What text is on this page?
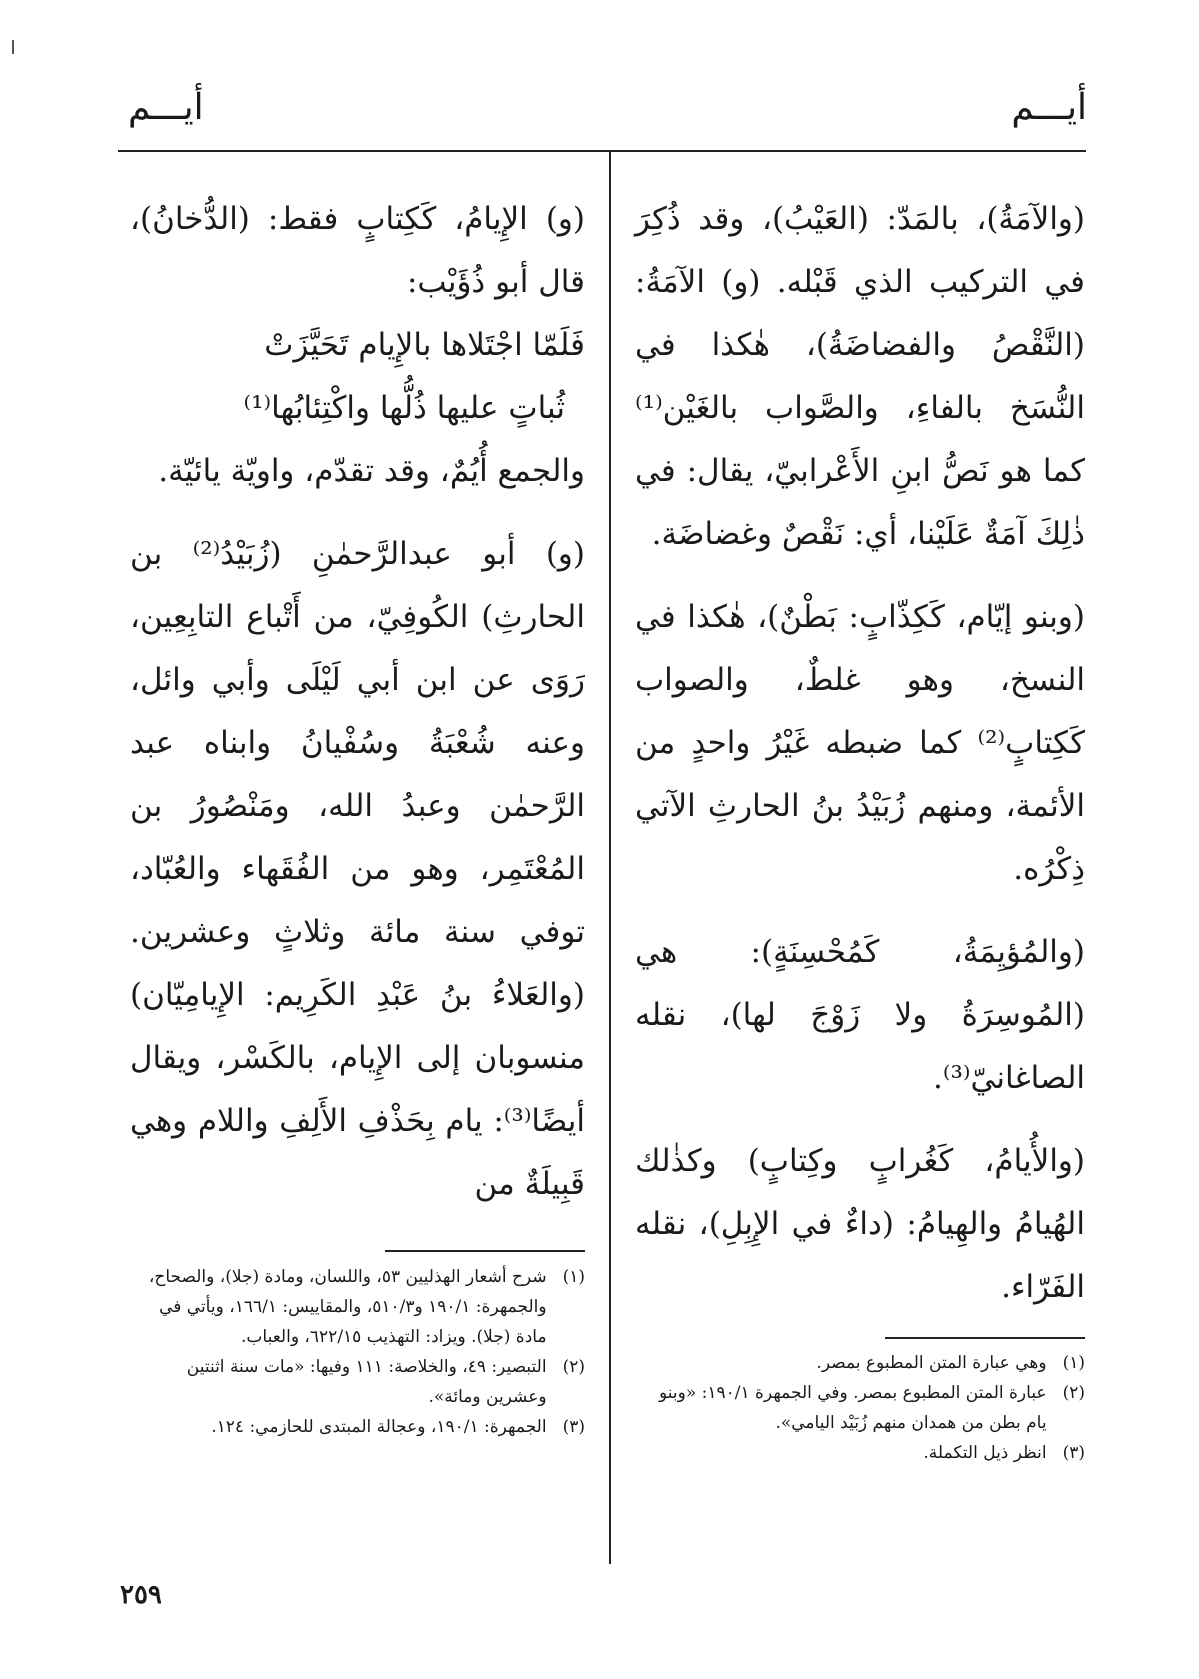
أيـــم
أيـــم

(والآمَةُ)، بالمَدّ: (العَيْبُ)، وقد ذُكِرَ في التركيب الذي قَبْله. (و) الآمَةُ: (النَّقْصُ والفضاضَةُ)، هٰكذا في النُّسَخ بالفاءِ، والصَّواب بالغَيْن⁽¹⁾ كما هو نَصُّ ابنِ الأَعْرابيّ، يقال: في ذٰلِكَ آمَةٌ عَلَيْنا، أي: نَقْصٌ وغضاضَة.

(وبنو إيّام، كَكِذّابٍ: بَطْنٌ)، هٰكذا في النسخ، وهو غلطٌ، والصواب كَكِتابٍ⁽²⁾ كما ضبطه غَيْرُ واحدٍ من الأئمة، ومنهم زُبَيْدُ بنُ الحارثِ الآتي ذِكْرُه.

(والمُؤيِمَةُ، كَمُحْسِنَةٍ): هي (المُوسِرَةُ ولا زَوْجَ لها)، نقله الصاغانيّ⁽³⁾.

(والأُيامُ، كَغُرابٍ وكِتابٍ) وكذٰلك الهُيامُ والهِيامُ: (داءٌ في الإِبِلِ)، نقله الفَرّاء.

(و) الإِيامُ، كَكِتابٍ فقط: (الدُّخانُ)، قال أبو ذُؤَيْب:

فَلَمّا اجْتَلاها بالإِيام تَحَيَّزَتْ

ثُباتٍ عليها ذُلُّها واكْتِئابُها⁽¹⁾

والجمع أُيُمٌ، وقد تقدّم، واويّة يائيّة.

(و) أبو عبدالرَّحمٰنِ (زُبَيْدُ⁽²⁾ بن الحارثِ) الكُوفِيّ، من أَتْباع التابِعِين، رَوَى عن ابن أبي لَيْلَى وأبي وائل، وعنه شُعْبَةُ وسُفْيانُ وابناه عبد الرَّحمٰن وعبدُ الله، ومَنْصُورُ بن المُعْتَمِر، وهو من الفُقَهاء والعُبّاد، توفي سنة مائة وثلاثٍ وعشرين. (والعَلاءُ بنُ عَبْدِ الكَرِيم: الإِيامِيّان) منسوبان إلى الإِيام، بالكَسْر، ويقال أيضًا⁽³⁾: يام بِحَذْفِ الأَلِفِ واللام وهي قَبِيلَةٌ من

(١)
وهي عبارة المتن المطبوع بمصر.
(٢)
عبارة المتن المطبوع بمصر. وفي الجمهرة ١٩٠/١: «وبنو يام بطن من همدان منهم زُبَيْد اليامي».
(٣)
انظر ذيل التكملة.
(١)
شرح أشعار الهذليين ٥٣، واللسان، ومادة (جلا)، والصحاح، والجمهرة: ١٩٠/١ و٥١٠/٣، والمقاييس: ١٦٦/١، ويأتي في مادة (جلا). ويزاد: التهذيب ٦٢٢/١٥، والعباب.
(٢)
التبصير: ٤٩، والخلاصة: ١١١ وفيها: «مات سنة اثنتين وعشرين ومائة».
(٣)
الجمهرة: ١٩٠/١، وعجالة المبتدى للحازمي: ١٢٤.
٢٥٩
